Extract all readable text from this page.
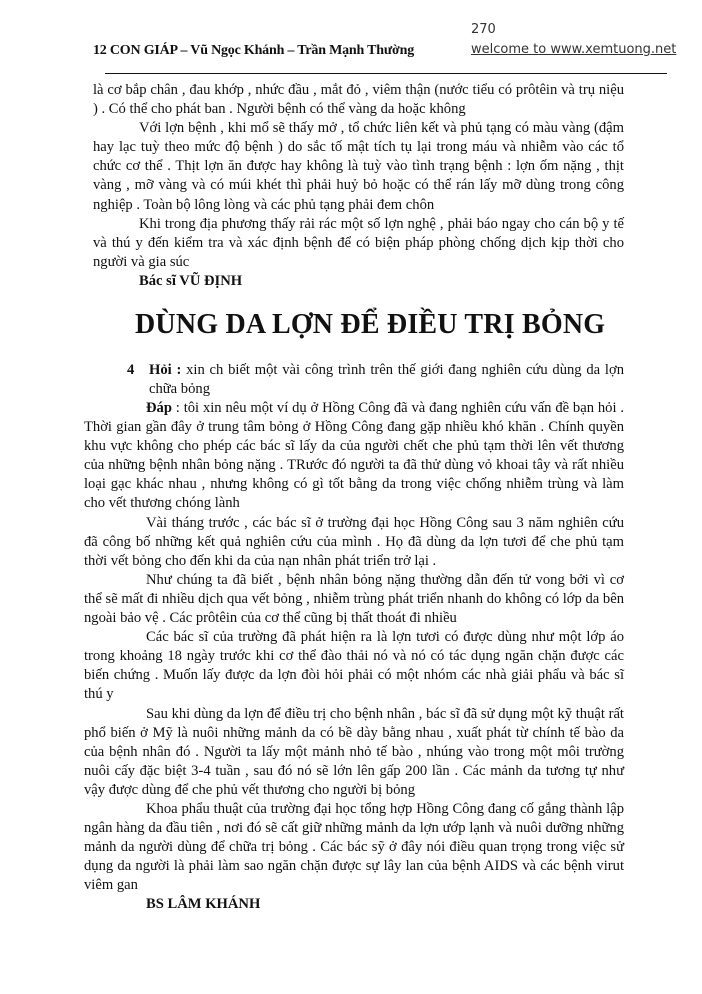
12 CON GIÁP – Vũ Ngọc Khánh – Trần Mạnh Thường
270
welcome to www.xemtuong.net

là cơ bắp chân , đau khớp , nhức đầu , mắt đỏ , viêm thận (nước tiểu có prôtêin và trụ niệu ) . Có thể cho phát ban . Người bệnh có thể vàng da hoặc không

Với lợn bệnh , khi mổ sẽ thấy mở , tổ chức liên kết và phủ tạng có màu vàng (đậm hay lạc tuỳ theo mức độ bệnh ) do sắc tố mật tích tụ lại trong máu và nhiễm vào các tổ chức cơ thể . Thịt lợn ăn được hay không là tuỳ vào tình trạng bệnh : lợn ốm nặng , thịt vàng , mỡ vàng và có múi khét thì phải huỷ bỏ hoặc có thể rán lấy mỡ dùng trong công nghiệp . Toàn bộ lông lòng và các phủ tạng phải đem chôn

Khi trong địa phương thấy rải rác một số lợn nghệ , phải báo ngay cho cán bộ y tế và thú y đến kiểm tra và xác định bệnh để có biện pháp phòng chống dịch kịp thời cho người và gia súc

Bác sĩ VŨ ĐỊNH

DÙNG DA LỢN ĐỂ ĐIỀU TRỊ BỎNG
4 Hỏi : xin ch biết một vài công trình trên thế giới đang nghiên cứu dùng da lợn chữa bỏng

Đáp : tôi xin nêu một ví dụ ở Hồng Công đã và đang nghiên cứu vấn đề bạn hỏi . Thời gian gần đây ở trung tâm bỏng ở Hồng Công đang gặp nhiều khó khăn . Chính quyền khu vực không cho phép các bác sĩ lấy da của người chết che phủ tạm thời lên vết thương của những bệnh nhân bỏng nặng . TRước đó người ta đã thử dùng vỏ khoai tây và rất nhiều loại gạc khác nhau , nhưng không có gì tốt bằng da trong việc chống nhiễm trùng và làm cho vết thương chóng lành

Vài tháng trước , các bác sĩ ở trường đại học Hồng Công sau 3 năm nghiên cứu đã công bố những kết quả nghiên cứu của mình . Họ đã dùng da lợn tươi để che phủ tạm thời vết bỏng cho đến khi da của nạn nhân phát triển trở lại .

Như chúng ta đã biết , bệnh nhân bỏng nặng thường dẫn đến tử vong bởi vì cơ thể sẽ mất đi nhiều dịch qua vết bỏng , nhiễm trùng phát triển nhanh do không có lớp da bên ngoài bảo vệ . Các prôtêin của cơ thể cũng bị thất thoát đi nhiều

Các bác sĩ của trường đã phát hiện ra là lợn tươi có được dùng như một lớp áo trong khoảng 18 ngày trước khi cơ thể đào thải nó và nó có tác dụng ngăn chặn được các biến chứng . Muốn lấy được da lợn đòi hỏi phải có một nhóm các nhà giải phẩu và bác sĩ thú y

Sau khi dùng da lợn để điều trị cho bệnh nhân , bác sĩ đã sử dụng một kỹ thuật rất phổ biến ở Mỹ là nuôi những mảnh da có bề dày bằng nhau , xuất phát từ chính tế bào da của bệnh nhân đó . Người ta lấy một mảnh nhỏ tế bào , nhúng vào trong một môi trường nuôi cấy đặc biệt 3-4 tuần , sau đó nó sẽ lớn lên gấp 200 lần . Các mảnh da tương tự như vậy được dùng để che phủ vết thương cho người bị bỏng

Khoa phẩu thuật của trường đại học tổng hợp Hồng Công đang cố gắng thành lập ngân hàng da đầu tiên , nơi đó sẽ cất giữ những mảnh da lợn ướp lạnh và nuôi dưỡng những mảnh da người dùng để chữa trị bỏng . Các bác sỹ ở đây nói điều quan trọng trong việc sử dụng da người là phải làm sao ngăn chặn được sự lây lan của bệnh AIDS và các bệnh virut viêm gan

BS LÂM KHÁNH
